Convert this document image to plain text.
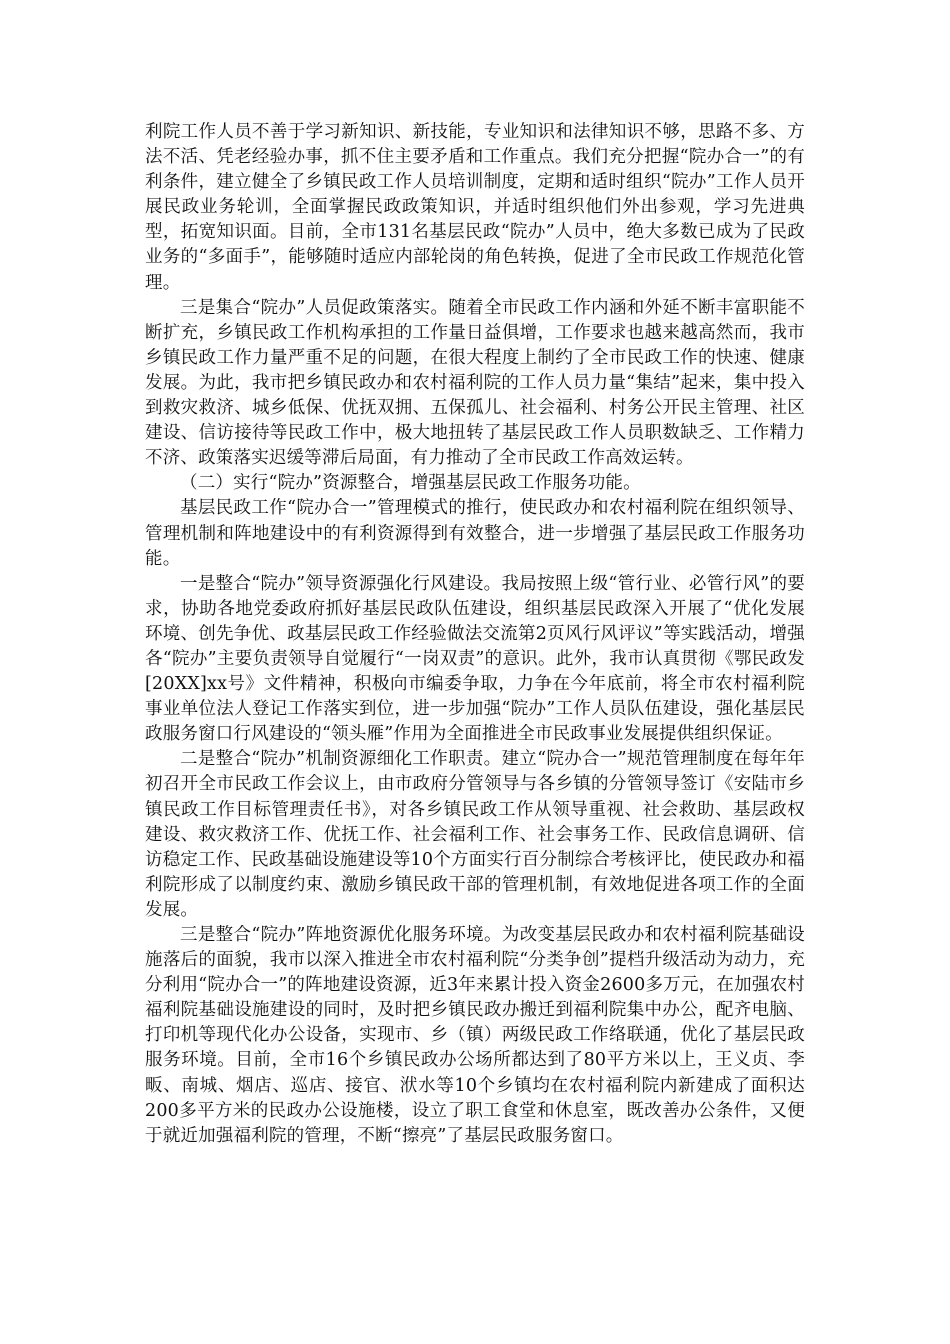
利院工作人员不善于学习新知识、新技能，专业知识和法律知识不够，思路不多、方法不活、凭老经验办事，抓不住主要矛盾和工作重点。我们充分把握“院办合一”的有利条件，建立健全了乡镇民政工作人员培训制度，定期和适时组织“院办”工作人员开展民政业务轮训，全面掌握民政政策知识，并适时组织他们外出参观，学习先进典型，拓宽知识面。目前，全市131名基层民政“院办”人员中，绝大多数已成为了民政业务的“多面手”，能够随时适应内部轮岗的角色转换，促进了全市民政工作规范化管理。

三是集合“院办”人员促政策落实。随着全市民政工作内涵和外延不断丰富职能不断扩充，乡镇民政工作机构承担的工作量日益俱增，工作要求也越来越高然而，我市乡镇民政工作力量严重不足的问题，在很大程度上制约了全市民政工作的快速、健康发展。为此，我市把乡镇民政办和农村福利院的工作人员力量“集结”起来，集中投入到救灾救济、城乡低保、优抚双拥、五保孤儿、社会福利、村务公开民主管理、社区建设、信访接待等民政工作中，极大地扭转了基层民政工作人员职数缺乏、工作精力不济、政策落实迟缓等滞后局面，有力推动了全市民政工作高效运转。

（二）实行“院办”资源整合，增强基层民政工作服务功能。

基层民政工作“院办合一”管理模式的推行，使民政办和农村福利院在组织领导、管理机制和阵地建设中的有利资源得到有效整合，进一步增强了基层民政工作服务功能。

一是整合“院办”领导资源强化行风建设。我局按照上级“管行业、必管行风”的要求，协助各地党委政府抓好基层民政队伍建设，组织基层民政深入开展了“优化发展环境、创先争优、政基层民政工作经验做法交流第2页风行风评议”等实践活动，增强各“院办”主要负责领导自觉履行“一岗双责”的意识。此外，我市认真贯彻《鄂民政发[20XX]xx号》文件精神，积极向市编委争取，力争在今年底前，将全市农村福利院事业单位法人登记工作落实到位，进一步加强“院办”工作人员队伍建设，强化基层民政服务窗口行风建设的“领头雁”作用为全面推进全市民政事业发展提供组织保证。

二是整合“院办”机制资源细化工作职责。建立“院办合一”规范管理制度在每年年初召开全市民政工作会议上，由市政府分管领导与各乡镇的分管领导签订《安陆市乡镇民政工作目标管理责任书》，对各乡镇民政工作从领导重视、社会救助、基层政权建设、救灾救济工作、优抚工作、社会福利工作、社会事务工作、民政信息调研、信访稳定工作、民政基础设施建设等10个方面实行百分制综合考核评比，使民政办和福利院形成了以制度约束、激励乡镇民政干部的管理机制，有效地促进各项工作的全面发展。

三是整合“院办”阵地资源优化服务环境。为改变基层民政办和农村福利院基础设施落后的面貌，我市以深入推进全市农村福利院“分类争创”提档升级活动为动力，充分利用“院办合一”的阵地建设资源，近3年来累计投入资金2600多万元，在加强农村福利院基础设施建设的同时，及时把乡镇民政办搬迁到福利院集中办公，配齐电脑、打印机等现代化办公设备，实现市、乡（镇）两级民政工作络联通，优化了基层民政服务环境。目前，全市16个乡镇民政办公场所都达到了80平方米以上，王义贞、李畈、南城、烟店、巡店、接官、洑水等10个乡镇均在农村福利院内新建成了面积达200多平方米的民政办公设施楼，设立了职工食堂和休息室，既改善办公条件，又便于就近加强福利院的管理，不断“擦亮”了基层民政服务窗口。
